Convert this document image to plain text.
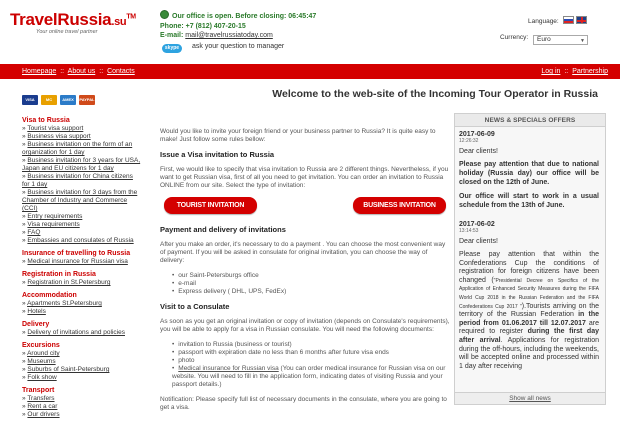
TravelRussia.su™
Your online travel partner
Our office is open. Before closing: 06:45:47
Phone: +7 (812) 407-20-15
E-mail: mail@travelrussiatoday.com
skype ask your question to manager
Language:
Currency: Euro	▼
Homepage :: About us :: Contacts	Log in :: Partnership
VISA	MC	AMEX	PAYPAL
Visa to Russia
» Tourist visa support
» Business visa support
» Business invitation on the form of an organization for 1 day
» Business invitation for 3 years for USA, Japan and EU citizens for 1 day
» Business invitation for China citizens for 1 day
» Business invitation for 3 days from the Chamber of Industry and Commerce (CCI)
» Entry requirements
» Visa requirements
» FAQ
» Embassies and consulates of Russia
Insurance of travelling to Russia
» Medical insurance for Russian visa
Registration in Russia
» Registration in St.Petersburg
Accommodation
» Apartments St.Petersburg
» Hotels
Delivery
» Delivery of invitations and policies
Excursions
» Around city
» Museums
» Suburbs of Saint-Petersburg
» Folk show
Transport
» Transfers
» Rent a car
» Our drivers
Welcome to the web-site of the Incoming Tour Operator in Russia

Would you like to invite your foreign friend or your business partner to Russia? It is quite easy to make! Just follow some rules bellow:

Issue a Visa invitation to Russia

First, we would like to specify that visa invitation to Russia are 2 different things. Nevertheless, if you want to get Russian visa, first of all you need to get invitation. You can order an invitation to Russia ONLINE from our site. Select the type of invitation:

TOURIST INVITATION	BUSINESS INVITATION
Payment and delivery of invitations

After you make an order, it's necessary to do a payment . You can choose the most convenient way of payment. If you will be asked in consulate for original invitation, you can choose the way of delivery:

• our Saint-Petersburgs office
• e-mail
• Express delivery ( DHL, UPS, FedEx)
Visit to a Consulate

As soon as you get an original invitation or copy of invitation (depends on Consulate's requirements), you will be able to apply for a visa in Russian consulate. You will need the following documents:

• invitation to Russia (business or tourist)
• passport with expiration date no less than 6 months after future visa ends
• photo
• Medical insurance for Russian visa (You can order medical insurance for Russian visa on our website. You will need to fill in the application form, indicating dates of visiting Russia and your passport details.)

Notification: Please specify full list of necessary documents in the consulate, where you are going to get a visa.

NEWS & SPECIALS OFFERS
2017-06-09
12:26:32
Dear clients!
Please pay attention that due to national holiday (Russia day) our office will be closed on the 12th of June.
Our office will start to work in a usual schedule from the 13th of June.
2017-06-02
13:14:53
Dear clients!
Please pay attention that within the Confederations Cup the conditions of registration for foreign citizens have been changed ("Presidential Decree on Specifics of the Application of Enhanced Security Measures during the FIFA World Cup 2018 in the Russian Federation and the FIFA Confederations Cup 2017 ").Tourists arriving on the territory of the Russian Federation in the period from 01.06.2017 till 12.07.2017 are required to register during the first day after arrival. Applications for registration during the off-hours, including the weekends, will be accepted online and processed within 1 day after receiving
Show all news
